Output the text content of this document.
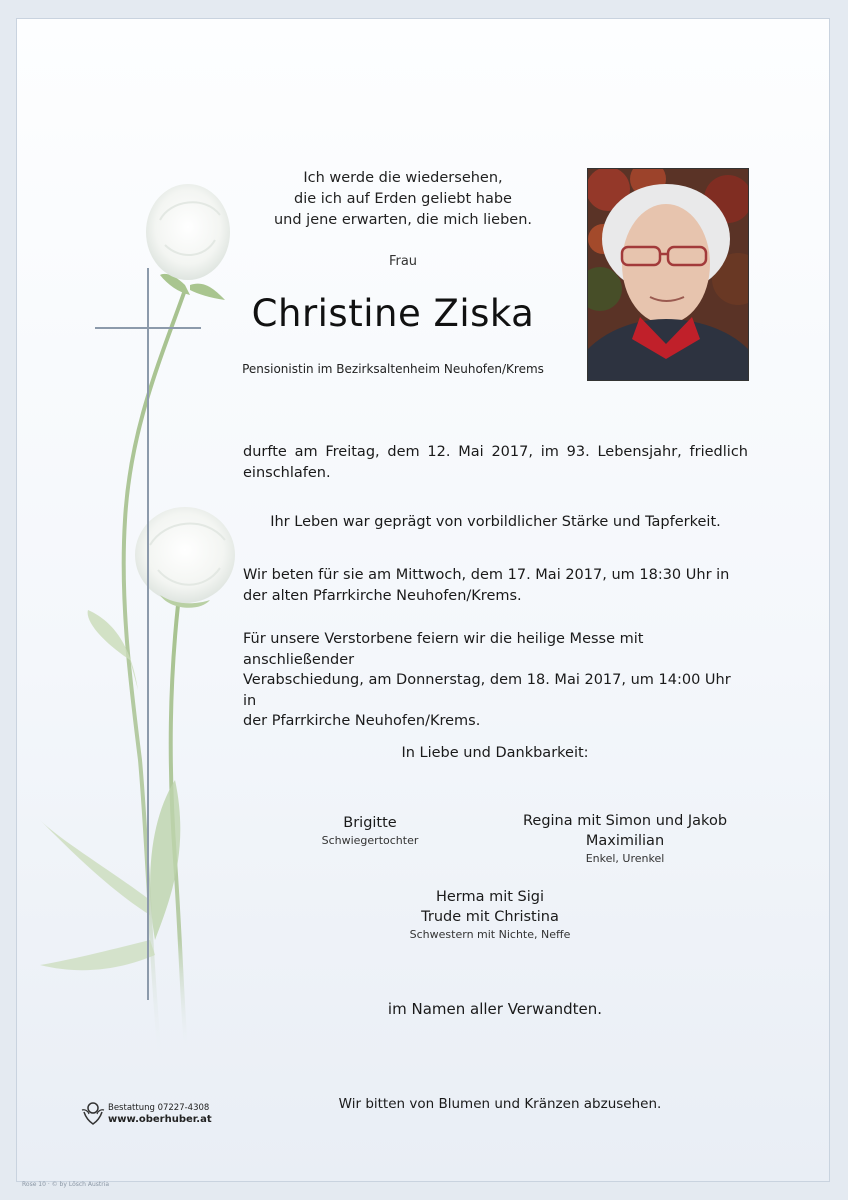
Ich werde die wiedersehen,
die ich auf Erden geliebt habe
und jene erwarten, die mich lieben.
Frau
Christine Ziska
Pensionistin im Bezirksaltenheim Neuhofen/Krems
durfte am Freitag, dem 12. Mai 2017, im 93. Lebensjahr, friedlich einschlafen.
Ihr Leben war geprägt von vorbildlicher Stärke und Tapferkeit.
Wir beten für sie am Mittwoch, dem 17. Mai 2017, um 18:30 Uhr in der alten Pfarrkirche Neuhofen/Krems.
Für unsere Verstorbene feiern wir die heilige Messe mit anschließender
Verabschiedung, am Donnerstag, dem 18. Mai 2017, um 14:00 Uhr in
der Pfarrkirche Neuhofen/Krems.
In Liebe und Dankbarkeit:
Brigitte
Schwiegertochter
Regina mit Simon und Jakob
Maximilian
Enkel, Urenkel
Herma mit Sigi
Trude mit Christina
Schwestern mit Nichte, Neffe
im Namen aller Verwandten.
Wir bitten von Blumen und Kränzen abzusehen.
Bestattung 07227-4308
www.oberhuber.at
Rose 10 · © by Lösch Austria
